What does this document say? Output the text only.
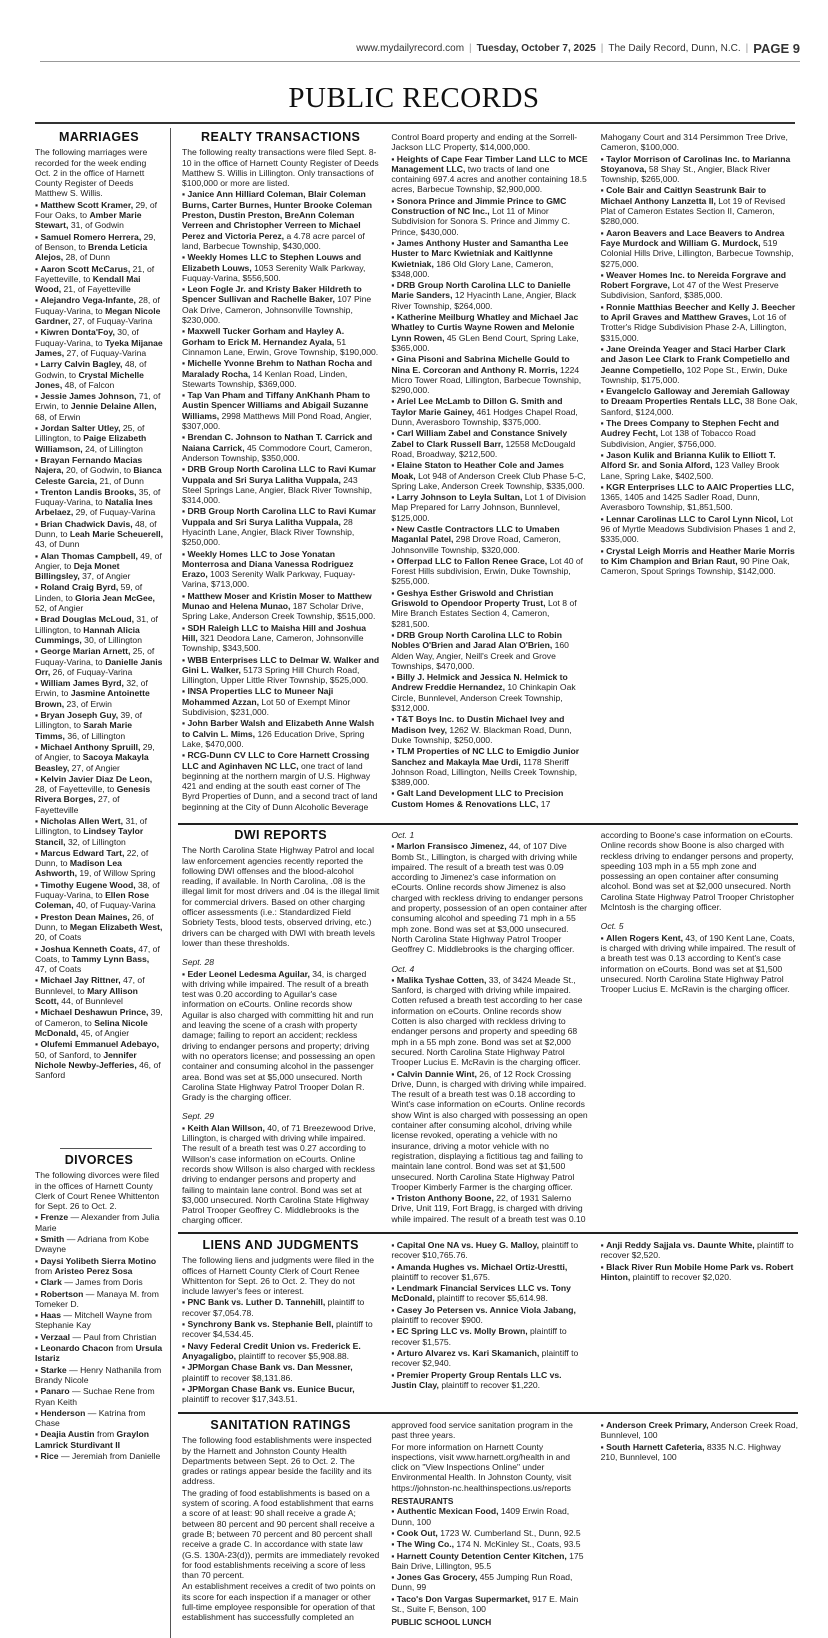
www.mydailyrecord.com | Tuesday, October 7, 2025 | The Daily Record, Dunn, N.C. | PAGE 9
PUBLIC RECORDS
MARRIAGES

The following marriages were recorded for the week ending Oct. 2 in the office of Harnett County Register of Deeds Matthew S. Willis.

▪ Matthew Scott Kramer, 29, of Four Oaks, to Amber Marie Stewart, 31, of Godwin
▪ Samuel Romero Herrera, 29, of Benson, to Brenda Leticia Alejos, 28, of Dunn
▪ Aaron Scott McCarus, 21, of Fayetteville, to Kendall Mai Wood, 21, of Fayetteville
▪ Alejandro Vega-Infante, 28, of Fuquay-Varina, to Megan Nicole Gardner, 27, of Fuquay-Varina
▪ Kiwren Donta'Foy, 30, of Fuquay-Varina, to Tyeka Mijanae James, 27, of Fuquay-Varina
▪ Larry Calvin Bagley, 48, of Godwin, to Crystal Michelle Jones, 48, of Falcon
▪ Jessie James Johnson, 71, of Erwin, to Jennie Delaine Allen, 68, of Erwin
▪ Jordan Salter Utley, 25, of Lillington, to Paige Elizabeth Williamson, 24, of Lillington
▪ Brayan Fernando Macias Najera, 20, of Godwin, to Bianca Celeste Garcia, 21, of Dunn
▪ Trenton Landis Brooks, 35, of Fuquay-Varina, to Natalia Ines Arbelaez, 29, of Fuquay-Varina
▪ Brian Chadwick Davis, 48, of Dunn, to Leah Marie Scheuerell, 43, of Dunn
▪ Alan Thomas Campbell, 49, of Angier, to Deja Monet Billingsley, 37, of Angier
▪ Roland Craig Byrd, 59, of Linden, to Gloria Jean McGee, 52, of Angier
▪ Brad Douglas McLoud, 31, of Lillington, to Hannah Alicia Cummings, 30, of Lillington
▪ George Marian Arnett, 25, of Fuquay-Varina, to Danielle Janis Orr, 26, of Fuquay-Varina
▪ William James Byrd, 32, of Erwin, to Jasmine Antoinette Brown, 23, of Erwin
▪ Bryan Joseph Guy, 39, of Lillington, to Sarah Marie Timms, 36, of Lillington
▪ Michael Anthony Spruill, 29, of Angier, to Sacoya Makayla Beasley, 27, of Angier
▪ Kelvin Javier Diaz De Leon, 28, of Fayetteville, to Genesis Rivera Borges, 27, of Fayetteville
▪ Nicholas Allen Wert, 31, of Lillington, to Lindsey Taylor Stancil, 32, of Lillington
▪ Marcus Edward Tart, 22, of Dunn, to Madison Lea Ashworth, 19, of Willow Spring
▪ Timothy Eugene Wood, 38, of Fuquay-Varina, to Ellen Rose Coleman, 40, of Fuquay-Varina
▪ Preston Dean Maines, 26, of Dunn, to Megan Elizabeth West, 20, of Coats
▪ Joshua Kenneth Coats, 47, of Coats, to Tammy Lynn Bass, 47, of Coats
▪ Michael Jay Rittner, 47, of Bunnlevel, to Mary Allison Scott, 44, of Bunnlevel
▪ Michael Deshawun Prince, 39, of Cameron, to Selina Nicole McDonald, 45, of Angier
▪ Olufemi Emmanuel Adebayo, 50, of Sanford, to Jennifer Nichole Newby-Jefferies, 46, of Sanford
DIVORCES

The following divorces were filed in the offices of Harnett County Clerk of Court Renee Whittenton for Sept. 26 to Oct. 2.

▪ Frenze — Alexander from Julia Marie
▪ Smith — Adriana from Kobe Dwayne
▪ Daysi Yolibeth Sierra Motino from Aristeo Perez Sosa
▪ Clark — James from Doris
▪ Robertson — Manaya M. from Tomeker D.
▪ Haas — Mitchell Wayne from Stephanie Kay
▪ Verzaal — Paul from Christian
▪ Leonardo Chacon from Ursula Istariz
▪ Starke — Henry Nathanila from Brandy Nicole
▪ Panaro — Suchae Rene from Ryan Keith
▪ Henderson — Katrina from Chase
▪ Deajia Austin from Graylon Lamrick Sturdivant II
▪ Rice — Jeremiah from Danielle
REALTY TRANSACTIONS

The following realty transactions were filed Sept. 8-10 in the office of Harnett County Register of Deeds Matthew S. Willis in Lillington. Only transactions of $100,000 or more are listed.

▪ Janice Ann Hilliard Coleman, Blair Coleman Burns, Carter Burnes, Hunter Brooke Coleman Preston, Dustin Preston, BreAnn Coleman Verreen and Christopher Verreen to Michael Perez and Victoria Perez, a 4.78 acre parcel of land, Barbecue Township, $430,000.
▪ Weekly Homes LLC to Stephen Louws and Elizabeth Louws, 1053 Serenity Walk Parkway, Fuquay-Varina, $556,500.
▪ Leon Fogle Jr. and Kristy Baker Hildreth to Spencer Sullivan and Rachelle Baker, 107 Pine Oak Drive, Cameron, Johnsonville Township, $230,000.
▪ Maxwell Tucker Gorham and Hayley A. Gorham to Erick M. Hernandez Ayala, 51 Cinnamon Lane, Erwin, Grove Township, $190,000.
▪ Michelle Yvonne Brehm to Nathan Rocha and Maralady Rocha, 14 Kenlan Road, Linden, Stewarts Township, $369,000.
▪ Tap Van Pham and Tiffany AnKhanh Pham to Austin Spencer Williams and Abigail Suzanne Williams, 2998 Matthews Mill Pond Road, Angier, $307,000.
▪ Brendan C. Johnson to Nathan T. Carrick and Naiana Carrick, 45 Commodore Court, Cameron, Anderson Township, $350,000.
▪ DRB Group North Carolina LLC to Ravi Kumar Vuppala and Sri Surya Lalitha Vuppala, 243 Steel Springs Lane, Angier, Black River Township, $314,000.
▪ DRB Group North Carolina LLC to Ravi Kumar Vuppala and Sri Surya Lalitha Vuppala, 28 Hyacinth Lane, Angier, Black River Township, $250,000.
▪ Weekly Homes LLC to Jose Yonatan Monterrosa and Diana Vanessa Rodriguez Erazo, 1003 Serenity Walk Parkway, Fuquay-Varina, $713,000.
▪ Matthew Moser and Kristin Moser to Matthew Munao and Helena Munao, 187 Scholar Drive, Spring Lake, Anderson Creek Township, $515,000.
▪ SDH Raleigh LLC to Maisha Hill and Joshua Hill, 321 Deodora Lane, Cameron, Johnsonville Township, $343,500.
▪ WBB Enterprises LLC to Delmar W. Walker and Gini L. Walker, 5173 Spring Hill Church Road, Lillington, Upper Little River Township, $525,000.
▪ INSA Properties LLC to Muneer Naji Mohammed Azzan, Lot 50 of Exempt Minor Subdivision, $231,000.
▪ John Barber Walsh and Elizabeth Anne Walsh to Calvin L. Mims, 126 Education Drive, Spring Lake, $470,000.
▪ RCG-Dunn CV LLC to Core Harnett Crossing LLC and Aginhaven NC LLC, one tract of land beginning at the northern margin of U.S. Highway 421 and ending at the south east corner of The Byrd Properties of Dunn, and a second tract of land beginning at the City of Dunn Alcoholic Beverage Control Board property and ending at the Sorrell-Jackson LLC Property, $14,000,000.
▪ Heights of Cape Fear Timber Land LLC to MCE Management LLC, two tracts of land one containing 697.4 acres and another containing 18.5 acres, Barbecue Township, $2,900,000.
▪ Sonora Prince and Jimmie Prince to GMC Construction of NC Inc., Lot 11 of Minor Subdivision for Sonora S. Prince and Jimmy C. Prince, $430,000.
▪ James Anthony Huster and Samantha Lee Huster to Marc Kwietniak and Kaitlynne Kwietniak, 186 Old Glory Lane, Cameron, $348,000.
▪ DRB Group North Carolina LLC to Danielle Marie Sanders, 12 Hyacinth Lane, Angier, Black River Township, $264,000.
▪ Katherine Meilburg Whatley and Michael Jac Whatley to Curtis Wayne Rowen and Melonie Lynn Rowen, 45 GLen Bend Court, Spring Lake, $365,000.
▪ Gina Pisoni and Sabrina Michelle Gould to Nina E. Corcoran and Anthony R. Morris, 1224 Micro Tower Road, Lillington, Barbecue Township, $290,000.
▪ Ariel Lee McLamb to Dillon G. Smith and Taylor Marie Gainey, 461 Hodges Chapel Road, Dunn, Averasboro Township, $375,000.
▪ Carl William Zabel and Constance Snively Zabel to Clark Russell Barr, 12558 McDougald Road, Broadway, $212,500.
▪ Elaine Staton to Heather Cole and James Moak, Lot 948 of Anderson Creek Club Phase 5-C, Spring Lake, Anderson Creek Township, $335,000.
▪ Larry Johnson to Leyla Sultan, Lot 1 of Division Map Prepared for Larry Johnson, Bunnlevel, $125,000.
▪ New Castle Contractors LLC to Umaben Maganlal Patel, 298 Drove Road, Cameron, Johnsonville Township, $320,000.
▪ Offerpad LLC to Fallon Renee Grace, Lot 40 of Forest Hills subdivision, Erwin, Duke Township, $255,000.
▪ Geshya Esther Griswold and Christian Griswold to Opendoor Property Trust, Lot 8 of Mire Branch Estates Section 4, Cameron, $281,500.
▪ DRB Group North Carolina LLC to Robin Nobles O'Brien and Jarad Alan O'Brien, 160 Alden Way, Angier, Neill's Creek and Grove Townships, $470,000.
▪ Billy J. Helmick and Jessica N. Helmick to Andrew Freddie Hernandez, 10 Chinkapin Oak Circle, Bunnlevel, Anderson Creek Township, $312,000.
▪ T&T Boys Inc. to Dustin Michael Ivey and Madison Ivey, 1262 W. Blackman Road, Dunn, Duke Township, $250,000.
▪ TLM Properties of NC LLC to Emigdio Junior Sanchez and Makayla Mae Urdi, 1178 Sheriff Johnson Road, Lillington, Neills Creek Township, $389,000.
▪ Galt Land Development LLC to Precision Custom Homes & Renovations LLC, 17 Mahogany Court and 314 Persimmon Tree Drive, Cameron, $100,000.
▪ Taylor Morrison of Carolinas Inc. to Marianna Stoyanova, 58 Shay St., Angier, Black River Township, $265,000.
▪ Cole Bair and Caitlyn Seastrunk Bair to Michael Anthony Lanzetta II, Lot 19 of Revised Plat of Cameron Estates Section II, Cameron, $280,000.
▪ Aaron Beavers and Lace Beavers to Andrea Faye Murdock and William G. Murdock, 519 Colonial Hills Drive, Lillington, Barbecue Township, $275,000.
▪ Weaver Homes Inc. to Nereida Forgrave and Robert Forgrave, Lot 47 of the West Preserve Subdivision, Sanford, $385,000.
▪ Ronnie Matthias Beecher and Kelly J. Beecher to April Graves and Matthew Graves, Lot 16 of Trotter's Ridge Subdivision Phase 2-A, Lillington, $315,000.
▪ Jane Oreinda Yeager and Staci Harber Clark and Jason Lee Clark to Frank Competiello and Jeanne Competiello, 102 Pope St., Erwin, Duke Township, $175,000.
▪ Evangelclo Galloway and Jeremiah Galloway to Dreaam Properties Rentals LLC, 38 Bone Oak, Sanford, $124,000.
▪ The Drees Company to Stephen Fecht and Audrey Fecht, Lot 138 of Tobacco Road Subdivision, Angier, $756,000.
▪ Jason Kulik and Brianna Kulik to Elliott T. Alford Sr. and Sonia Alford, 123 Valley Brook Lane, Spring Lake, $402,500.
▪ KGR Enterprises LLC to AAIC Properties LLC, 1365, 1405 and 1425 Sadler Road, Dunn, Averasboro Township, $1,851,500.
▪ Lennar Carolinas LLC to Carol Lynn Nicol, Lot 96 of Myrtle Meadows Subdivision Phases 1 and 2, $335,000.
▪ Crystal Leigh Morris and Heather Marie Morris to Kim Champion and Brian Raut, 90 Pine Oak, Cameron, Spout Springs Township, $142,000.
DWI REPORTS

The North Carolina State Highway Patrol and local law enforcement agencies recently reported the following DWI offenses and the blood-alcohol reading, if available. In North Carolina, .08 is the illegal limit for most drivers and .04 is the illegal limit for commercial drivers. Based on other charging officer assessments (i.e.: Standardized Field Sobriety Tests, blood tests, observed driving, etc.) drivers can be charged with DWI with breath levels lower than these thresholds.

Sept. 28
▪ Eder Leonel Ledesma Aguilar, 34, is charged with driving while impaired. The result of a breath test was 0.20 according to Aguilar's case information on eCourts. Online records show Aguilar is also charged with committing hit and run and leaving the scene of a crash with property damage; failing to report an accident; reckless driving to endanger persons and property; driving with no operators license; and possessing an open container and consuming alcohol in the passenger area. Bond was set at $5,000 unsecured. North Carolina State Highway Patrol Trooper Dolan R. Grady is the charging officer.
Sept. 29
▪ Keith Alan Willson, 40, of 71 Breezewood Drive, Lillington, is charged with driving while impaired. The result of a breath test was 0.27 according to Willson's case information on eCourts. Online records show Willson is also charged with reckless driving to endanger persons and property and failing to maintain lane control. Bond was set at $3,000 unsecured. North Carolina State Highway Patrol Trooper Geoffrey C. Middlebrooks is the charging officer.
Oct. 1
▪ Marlon Fransisco Jimenez, 44, of 107 Dive Bomb St., Lillington, is charged with driving while impaired. The result of a breath test was 0.09 according to Jimenez's case information on eCourts. Online records show Jimenez is also charged with reckless driving to endanger persons and property, possession of an open container after consuming alcohol and speeding 71 mph in a 55 mph zone. Bond was set at $3,000 unsecured. North Carolina State Highway Patrol Trooper Geoffrey C. Middlebrooks is the charging officer.
Oct. 4
▪ Malika Tyshae Cotten, 33, of 3424 Meade St., Sanford, is charged with driving while impaired. Cotten refused a breath test according to her case information on eCourts. Online records show Cotten is also charged with reckless driving to endanger persons and property and speeding 68 mph in a 55 mph zone. Bond was set at $2,000 secured. North Carolina State Highway Patrol Trooper Lucius E. McRavin is the charging officer.
▪ Calvin Dannie Wint, 26, of 12 Rock Crossing Drive, Dunn, is charged with driving while impaired. The result of a breath test was 0.18 according to Wint's case information on eCourts. Online records show Wint is also charged with possessing an open container after consuming alcohol, driving while license revoked, operating a vehicle with no insurance, driving a motor vehicle with no registration, displaying a fictitious tag and failing to maintain lane control. Bond was set at $1,500 unsecured. North Carolina State Highway Patrol Trooper Kimberly Farmer is the charging officer.
▪ Triston Anthony Boone, 22, of 1931 Salerno Drive, Unit 119, Fort Bragg, is charged with driving while impaired. The result of a breath test was 0.10 according to Boone's case information on eCourts. Online records show Boone is also charged with reckless driving to endanger persons and property, speeding 103 mph in a 55 mph zone and possessing an open container after consuming alcohol. Bond was set at $2,000 unsecured. North Carolina State Highway Patrol Trooper Christopher McIntosh is the charging officer.
Oct. 5
▪ Allen Rogers Kent, 43, of 190 Kent Lane, Coats, is charged with driving while impaired. The result of a breath test was 0.13 according to Kent's case information on eCourts. Bond was set at $1,500 unsecured. North Carolina State Highway Patrol Trooper Lucius E. McRavin is the charging officer.
LIENS AND JUDGMENTS

The following liens and judgments were filed in the offices of Harnett County Clerk of Court Renee Whittenton for Sept. 26 to Oct. 2. They do not include lawyer's fees or interest.

▪ PNC Bank vs. Luther D. Tannehill, plaintiff to recover $7,054.78.
▪ Synchrony Bank vs. Stephanie Bell, plaintiff to recover $4,534.45.
▪ Navy Federal Credit Union vs. Frederick E. Anyagaligbo, plaintiff to recover $5,908.88.
▪ JPMorgan Chase Bank vs. Dan Messner, plaintiff to recover $8,131.86.
▪ JPMorgan Chase Bank vs. Eunice Bucur, plaintiff to recover $17,343.51.
▪ Capital One NA vs. Huey G. Malloy, plaintiff to recover $10,765.76.
▪ Amanda Hughes vs. Michael Ortiz-Urestti, plaintiff to recover $1,675.
▪ Lendmark Financial Services LLC vs. Tony McDonald, plaintiff to recover $5,614.98.
▪ Casey Jo Petersen vs. Annice Viola Jabang, plaintiff to recover $900.
▪ EC Spring LLC vs. Molly Brown, plaintiff to recover $1,575.
▪ Arturo Alvarez vs. Kari Skamanich, plaintiff to recover $2,940.
▪ Premier Property Group Rentals LLC vs. Justin Clay, plaintiff to recover $1,220.
▪ Anji Reddy Sajjala vs. Daunte White, plaintiff to recover $2,520.
▪ Black River Run Mobile Home Park vs. Robert Hinton, plaintiff to recover $2,020.
SANITATION RATINGS

The following food establishments were inspected by the Harnett and Johnston County Health Departments between Sept. 26 to Oct. 2. The grades or ratings appear beside the facility and its address.

The grading of food establishments is based on a system of scoring. A food establishment that earns a score of at least: 90 shall receive a grade A; between 80 percent and 90 percent shall receive a grade B; between 70 percent and 80 percent shall receive a grade C. In accordance with state law (G.S. 130A-23(d)), permits are immediately revoked for food establishments receiving a score of less than 70 percent.

An establishment receives a credit of two points on its score for each inspection if a manager or other full-time employee responsible for operation of that establishment has successfully completed an approved food service sanitation program in the past three years.

For more information on Harnett County inspections, visit www.harnett.org/health in and click on "View Inspections Online" under Environmental Health. In Johnston County, visit https://johnston-nc.healthinspections.us/reports

RESTAURANTS
▪ Authentic Mexican Food, 1409 Erwin Road, Dunn, 100
▪ Cook Out, 1723 W. Cumberland St., Dunn, 92.5
▪ The Wing Co., 174 N. McKinley St., Coats, 93.5
▪ Harnett County Detention Center Kitchen, 175 Bain Drive, Lillington, 95.5
▪ Jones Gas Grocery, 455 Jumping Run Road, Dunn, 99
▪ Taco's Don Vargas Supermarket, 917 E. Main St., Suite F, Benson, 100
PUBLIC SCHOOL LUNCH
▪ Anderson Creek Primary, Anderson Creek Road, Bunnlevel, 100
▪ South Harnett Cafeteria, 8335 N.C. Highway 210, Bunnlevel, 100
